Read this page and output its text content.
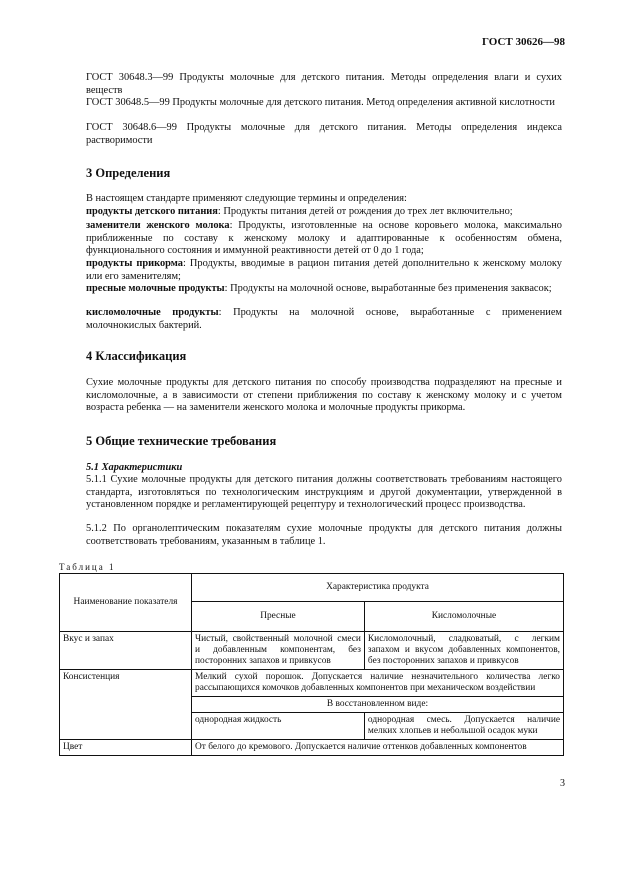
ГОСТ 30626—98
ГОСТ 30648.3—99 Продукты молочные для детского питания. Методы определения влаги и сухих веществ
ГОСТ 30648.5—99 Продукты молочные для детского питания. Метод определения активной кислотности
ГОСТ 30648.6—99 Продукты молочные для детского питания. Методы определения индекса растворимости
3 Определения
В настоящем стандарте применяют следующие термины и определения:
продукты детского питания: Продукты питания детей от рождения до трех лет включительно;
заменители женского молока: Продукты, изготовленные на основе коровьего молока, максимально приближенные по составу к женскому молоку и адаптированные к особенностям обмена, функционального состояния и иммунной реактивности детей от 0 до 1 года;
продукты прикорма: Продукты, вводимые в рацион питания детей дополнительно к женскому молоку или его заменителям;
пресные молочные продукты: Продукты на молочной основе, выработанные без применения заквасок;
кисломолочные продукты: Продукты на молочной основе, выработанные с применением молочнокислых бактерий.
4 Классификация
Сухие молочные продукты для детского питания по способу производства подразделяют на пресные и кисломолочные, а в зависимости от степени приближения по составу к женскому молоку и с учетом возраста ребенка — на заменители женского молока и молочные продукты прикорма.
5 Общие технические требования
5.1 Характеристики
5.1.1 Сухие молочные продукты для детского питания должны соответствовать требованиям настоящего стандарта, изготовляться по технологическим инструкциям и другой документации, утвержденной в установленном порядке и регламентирующей рецептуру и технологический процесс производства.
5.1.2 По органолептическим показателям сухие молочные продукты для детского питания должны соответствовать требованиям, указанным в таблице 1.
Таблица 1
Наименование показателя	Характеристика продукта	
	Пресные	Кисломолочные
Вкус и запах	Чистый, свойственный молочной смеси и добавленным компонентам, без посторонних запахов и привкусов	Кисломолочный, сладковатый, с легким запахом и вкусом добавленных компонентов, без посторонних запахов и привкусов
Консистенция	Мелкий сухой порошок. Допускается наличие незначительного количества легко рассыпающихся комочков добавленных компонентов при механическом воздействии	
	В восстановленном виде:	
	однородная жидкость	однородная смесь. Допускается наличие мелких хлопьев и небольшой осадок муки
Цвет	От белого до кремового. Допускается наличие оттенков добавленных компонентов	
3
